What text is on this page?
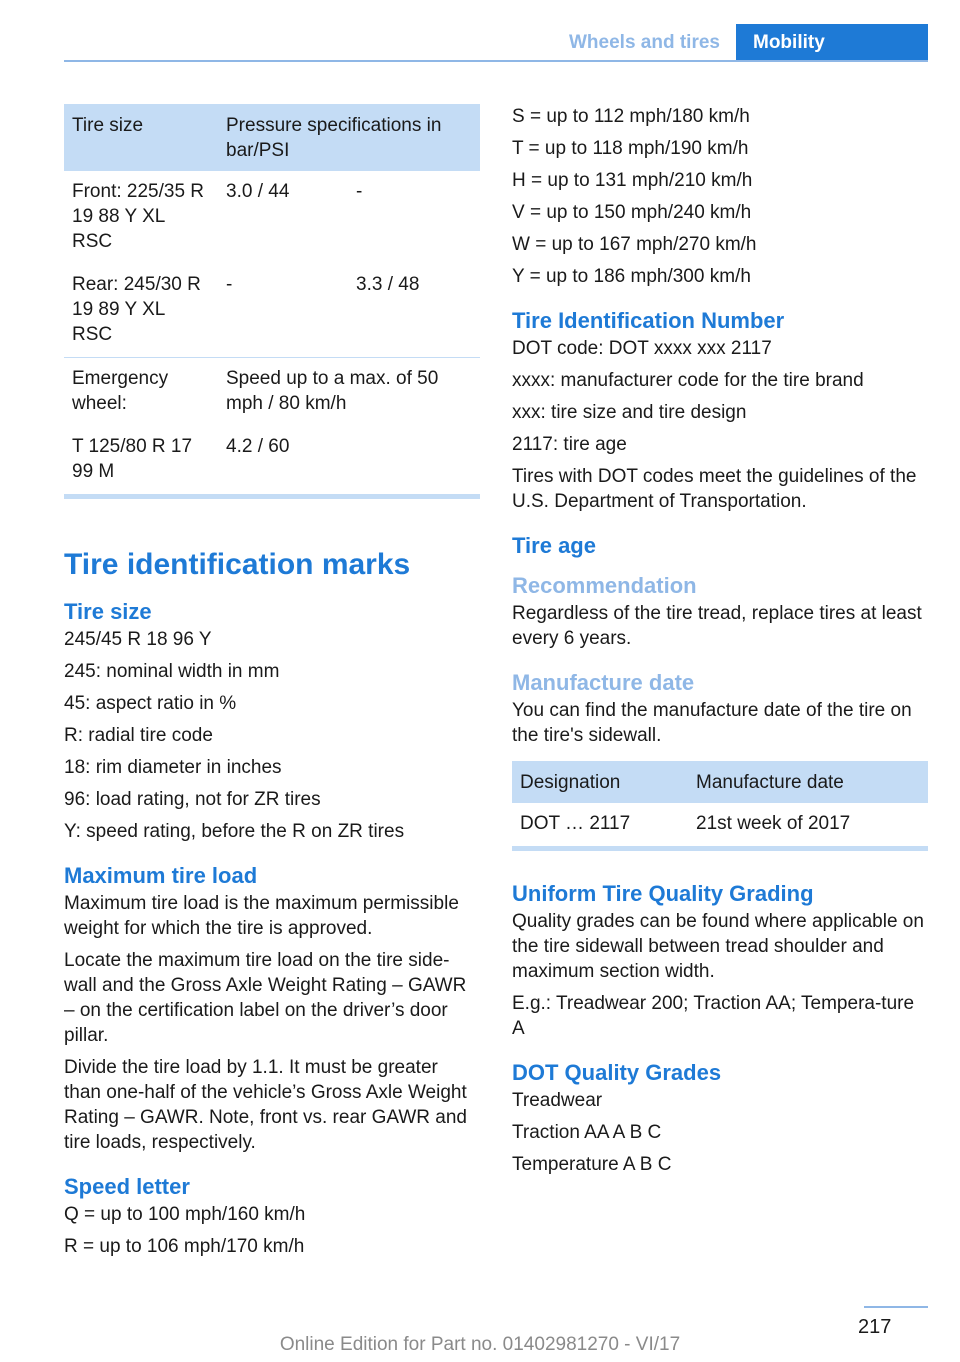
Wheels and tires	Mobility
Tire size	Pressure specifications in bar/PSI	
Front: 225/35 R 19 88 Y XL RSC	3.0 / 44	-
Rear: 245/30 R 19 89 Y XL RSC	-	3.3 / 48
Emergency wheel:	Speed up to a max. of 50 mph / 80 km/h	
T 125/80 R 17 99 M	4.2 / 60	
Tire identification marks
Tire size

245/45 R 18 96 Y

245: nominal width in mm

45: aspect ratio in %

R: radial tire code

18: rim diameter in inches

96: load rating, not for ZR tires

Y: speed rating, before the R on ZR tires

Maximum tire load

Maximum tire load is the maximum permissible weight for which the tire is approved.

Locate the maximum tire load on the tire side-wall and the Gross Axle Weight Rating – GAWR – on the certification label on the driver’s door pillar.

Divide the tire load by 1.1. It must be greater than one-half of the vehicle’s Gross Axle Weight Rating – GAWR. Note, front vs. rear GAWR and tire loads, respectively.

Speed letter

Q = up to 100 mph/160 km/h

R = up to 106 mph/170 km/h

S = up to 112 mph/180 km/h

T = up to 118 mph/190 km/h

H = up to 131 mph/210 km/h

V = up to 150 mph/240 km/h

W = up to 167 mph/270 km/h

Y = up to 186 mph/300 km/h

Tire Identification Number

DOT code: DOT xxxx xxx 2117

xxxx: manufacturer code for the tire brand

xxx: tire size and tire design

2117: tire age

Tires with DOT codes meet the guidelines of the U.S. Department of Transportation.

Tire age
Recommendation

Regardless of the tire tread, replace tires at least every 6 years.

Manufacture date

You can find the manufacture date of the tire on the tire's sidewall.

Designation	Manufacture date
DOT … 2117	21st week of 2017
Uniform Tire Quality Grading

Quality grades can be found where applicable on the tire sidewall between tread shoulder and maximum section width.

E.g.: Treadwear 200; Traction AA; Tempera-ture A

DOT Quality Grades

Treadwear

Traction AA A B C

Temperature A B C

217
Online Edition for Part no. 01402981270 - VI/17
